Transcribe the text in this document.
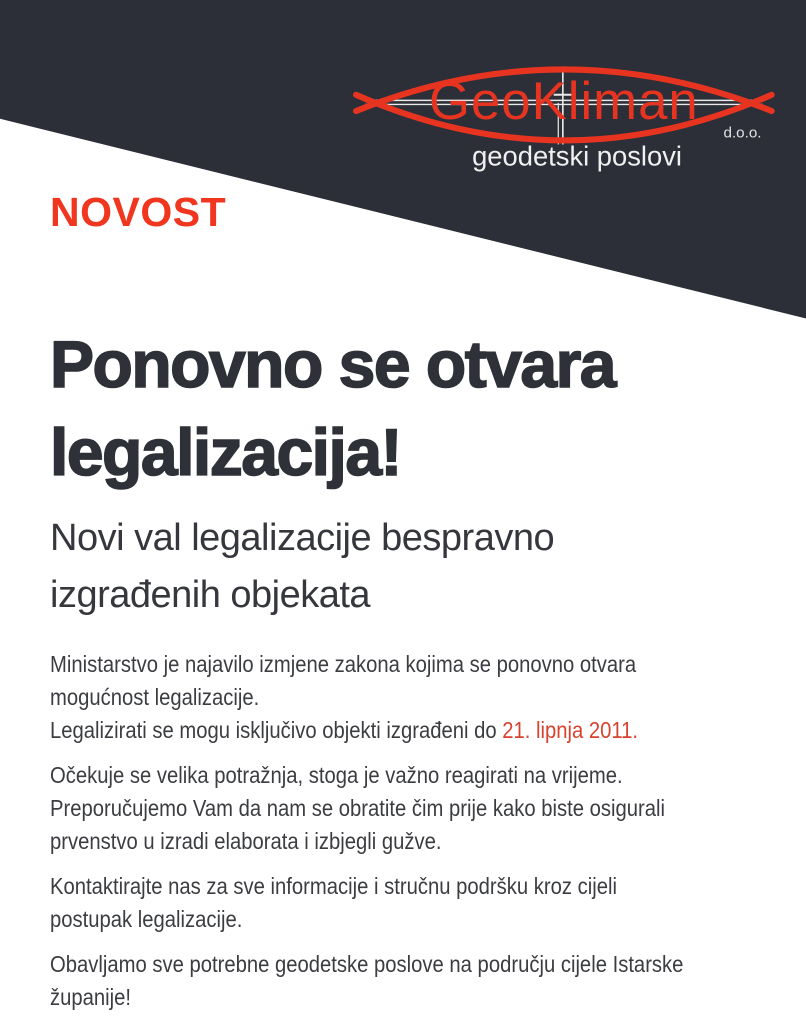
GeoKliman
d.o.o.
geodetski poslovi
NOVOST
Ponovno se otvara
legalizacija!
Novi val legalizacije bespravno
izgrađenih objekata

Ministarstvo je najavilo izmjene zakona kojima se ponovno otvara
mogućnost legalizacije.
Legalizirati se mogu isključivo objekti izgrađeni do 21. lipnja 2011.

Očekuje se velika potražnja, stoga je važno reagirati na vrijeme.
Preporučujemo Vam da nam se obratite čim prije kako biste osigurali
prvenstvo u izradi elaborata i izbjegli gužve.

Kontaktirajte nas za sve informacije i stručnu podršku kroz cijeli
postupak legalizacije.

Obavljamo sve potrebne geodetske poslove na području cijele Istarske
županije!
